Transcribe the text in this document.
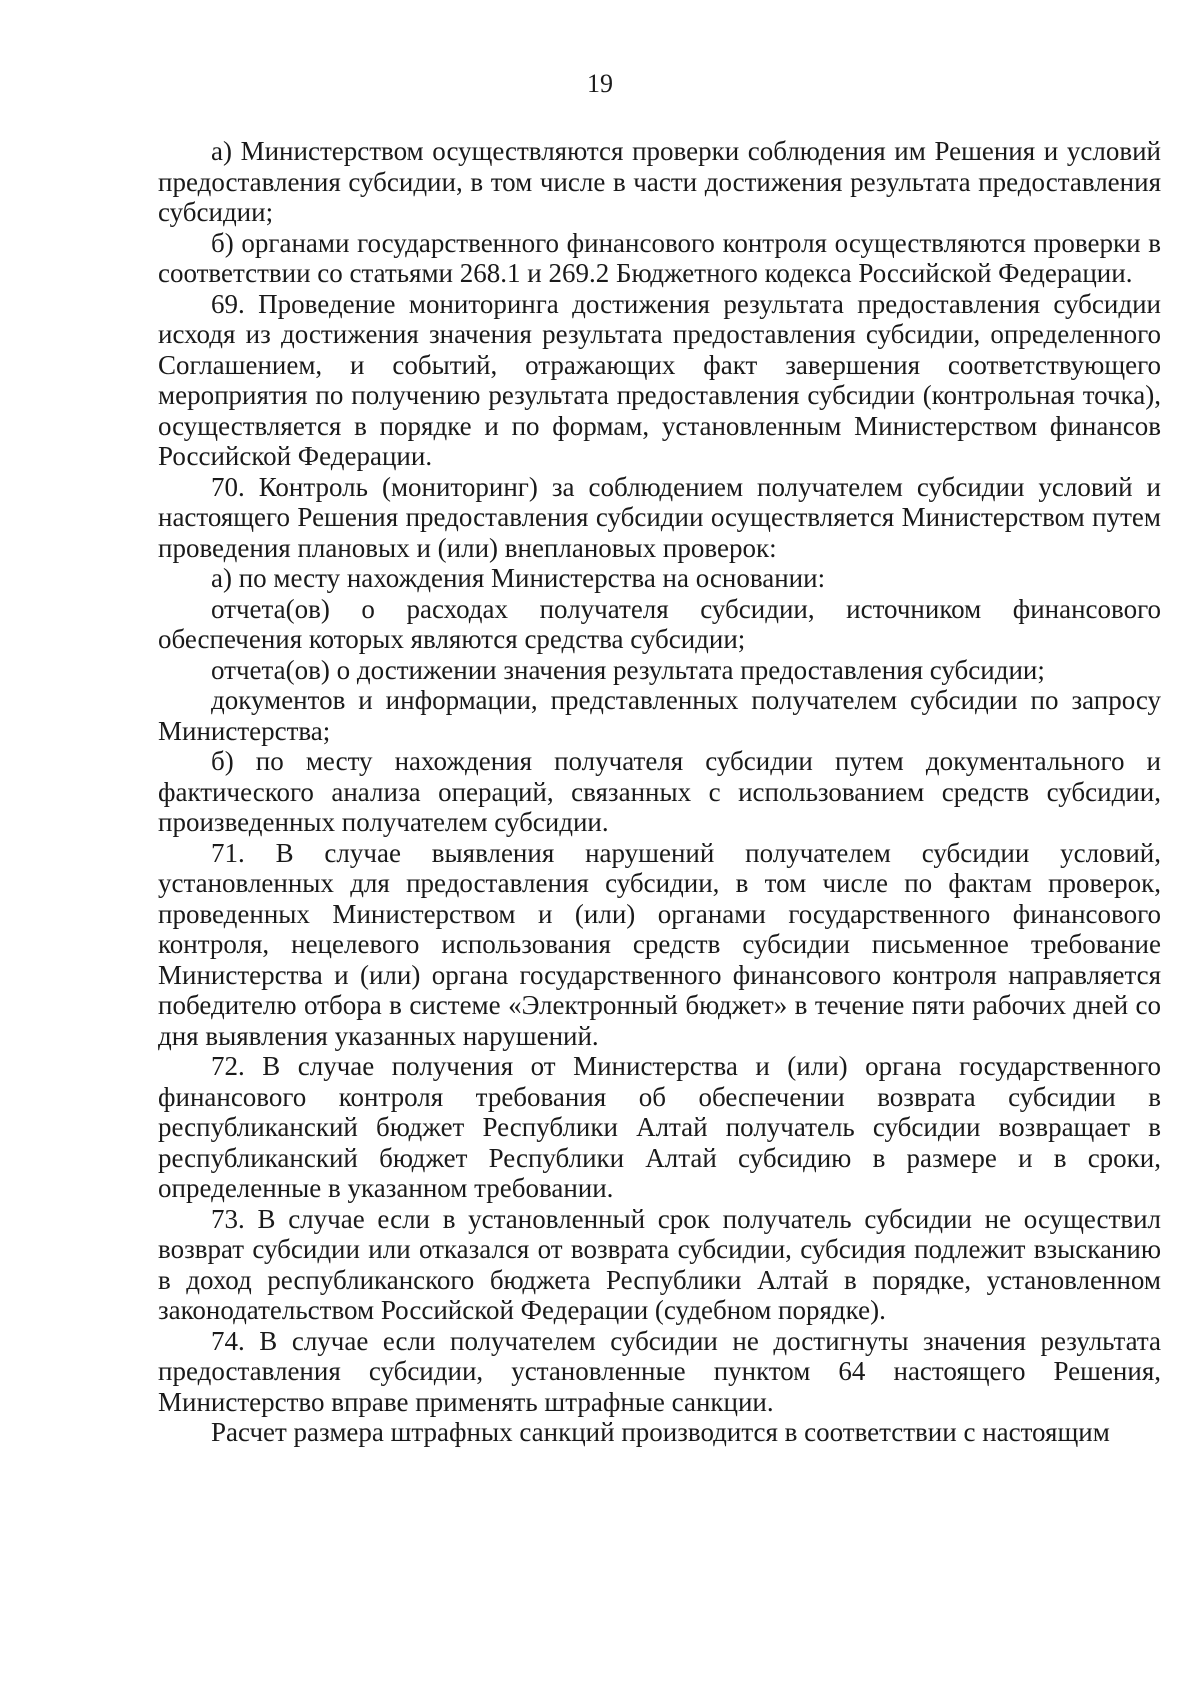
19

а) Министерством осуществляются проверки соблюдения им Решения и условий предоставления субсидии, в том числе в части достижения результата предоставления субсидии;

б) органами государственного финансового контроля осуществляются проверки в соответствии со статьями 268.1 и 269.2 Бюджетного кодекса Российской Федерации.

69. Проведение мониторинга достижения результата предоставления субсидии исходя из достижения значения результата предоставления субсидии, определенного Соглашением, и событий, отражающих факт завершения соответствующего мероприятия по получению результата предоставления субсидии (контрольная точка), осуществляется в порядке и по формам, установленным Министерством финансов Российской Федерации.

70. Контроль (мониторинг) за соблюдением получателем субсидии условий и настоящего Решения предоставления субсидии осуществляется Министерством путем проведения плановых и (или) внеплановых проверок:

а) по месту нахождения Министерства на основании:

отчета(ов) о расходах получателя субсидии, источником финансового обеспечения которых являются средства субсидии;

отчета(ов) о достижении значения результата предоставления субсидии;

документов и информации, представленных получателем субсидии по запросу Министерства;

б) по месту нахождения получателя субсидии путем документального и фактического анализа операций, связанных с использованием средств субсидии, произведенных получателем субсидии.

71. В случае выявления нарушений получателем субсидии условий, установленных для предоставления субсидии, в том числе по фактам проверок, проведенных Министерством и (или) органами государственного финансового контроля, нецелевого использования средств субсидии письменное требование Министерства и (или) органа государственного финансового контроля направляется победителю отбора в системе «Электронный бюджет» в течение пяти рабочих дней со дня выявления указанных нарушений.

72. В случае получения от Министерства и (или) органа государственного финансового контроля требования об обеспечении возврата субсидии в республиканский бюджет Республики Алтай получатель субсидии возвращает в республиканский бюджет Республики Алтай субсидию в размере и в сроки, определенные в указанном требовании.

73. В случае если в установленный срок получатель субсидии не осуществил возврат субсидии или отказался от возврата субсидии, субсидия подлежит взысканию в доход республиканского бюджета Республики Алтай в порядке, установленном законодательством Российской Федерации (судебном порядке).

74. В случае если получателем субсидии не достигнуты значения результата предоставления субсидии, установленные пунктом 64 настоящего Решения, Министерство вправе применять штрафные санкции.

Расчет размера штрафных санкций производится в соответствии с настоящим
